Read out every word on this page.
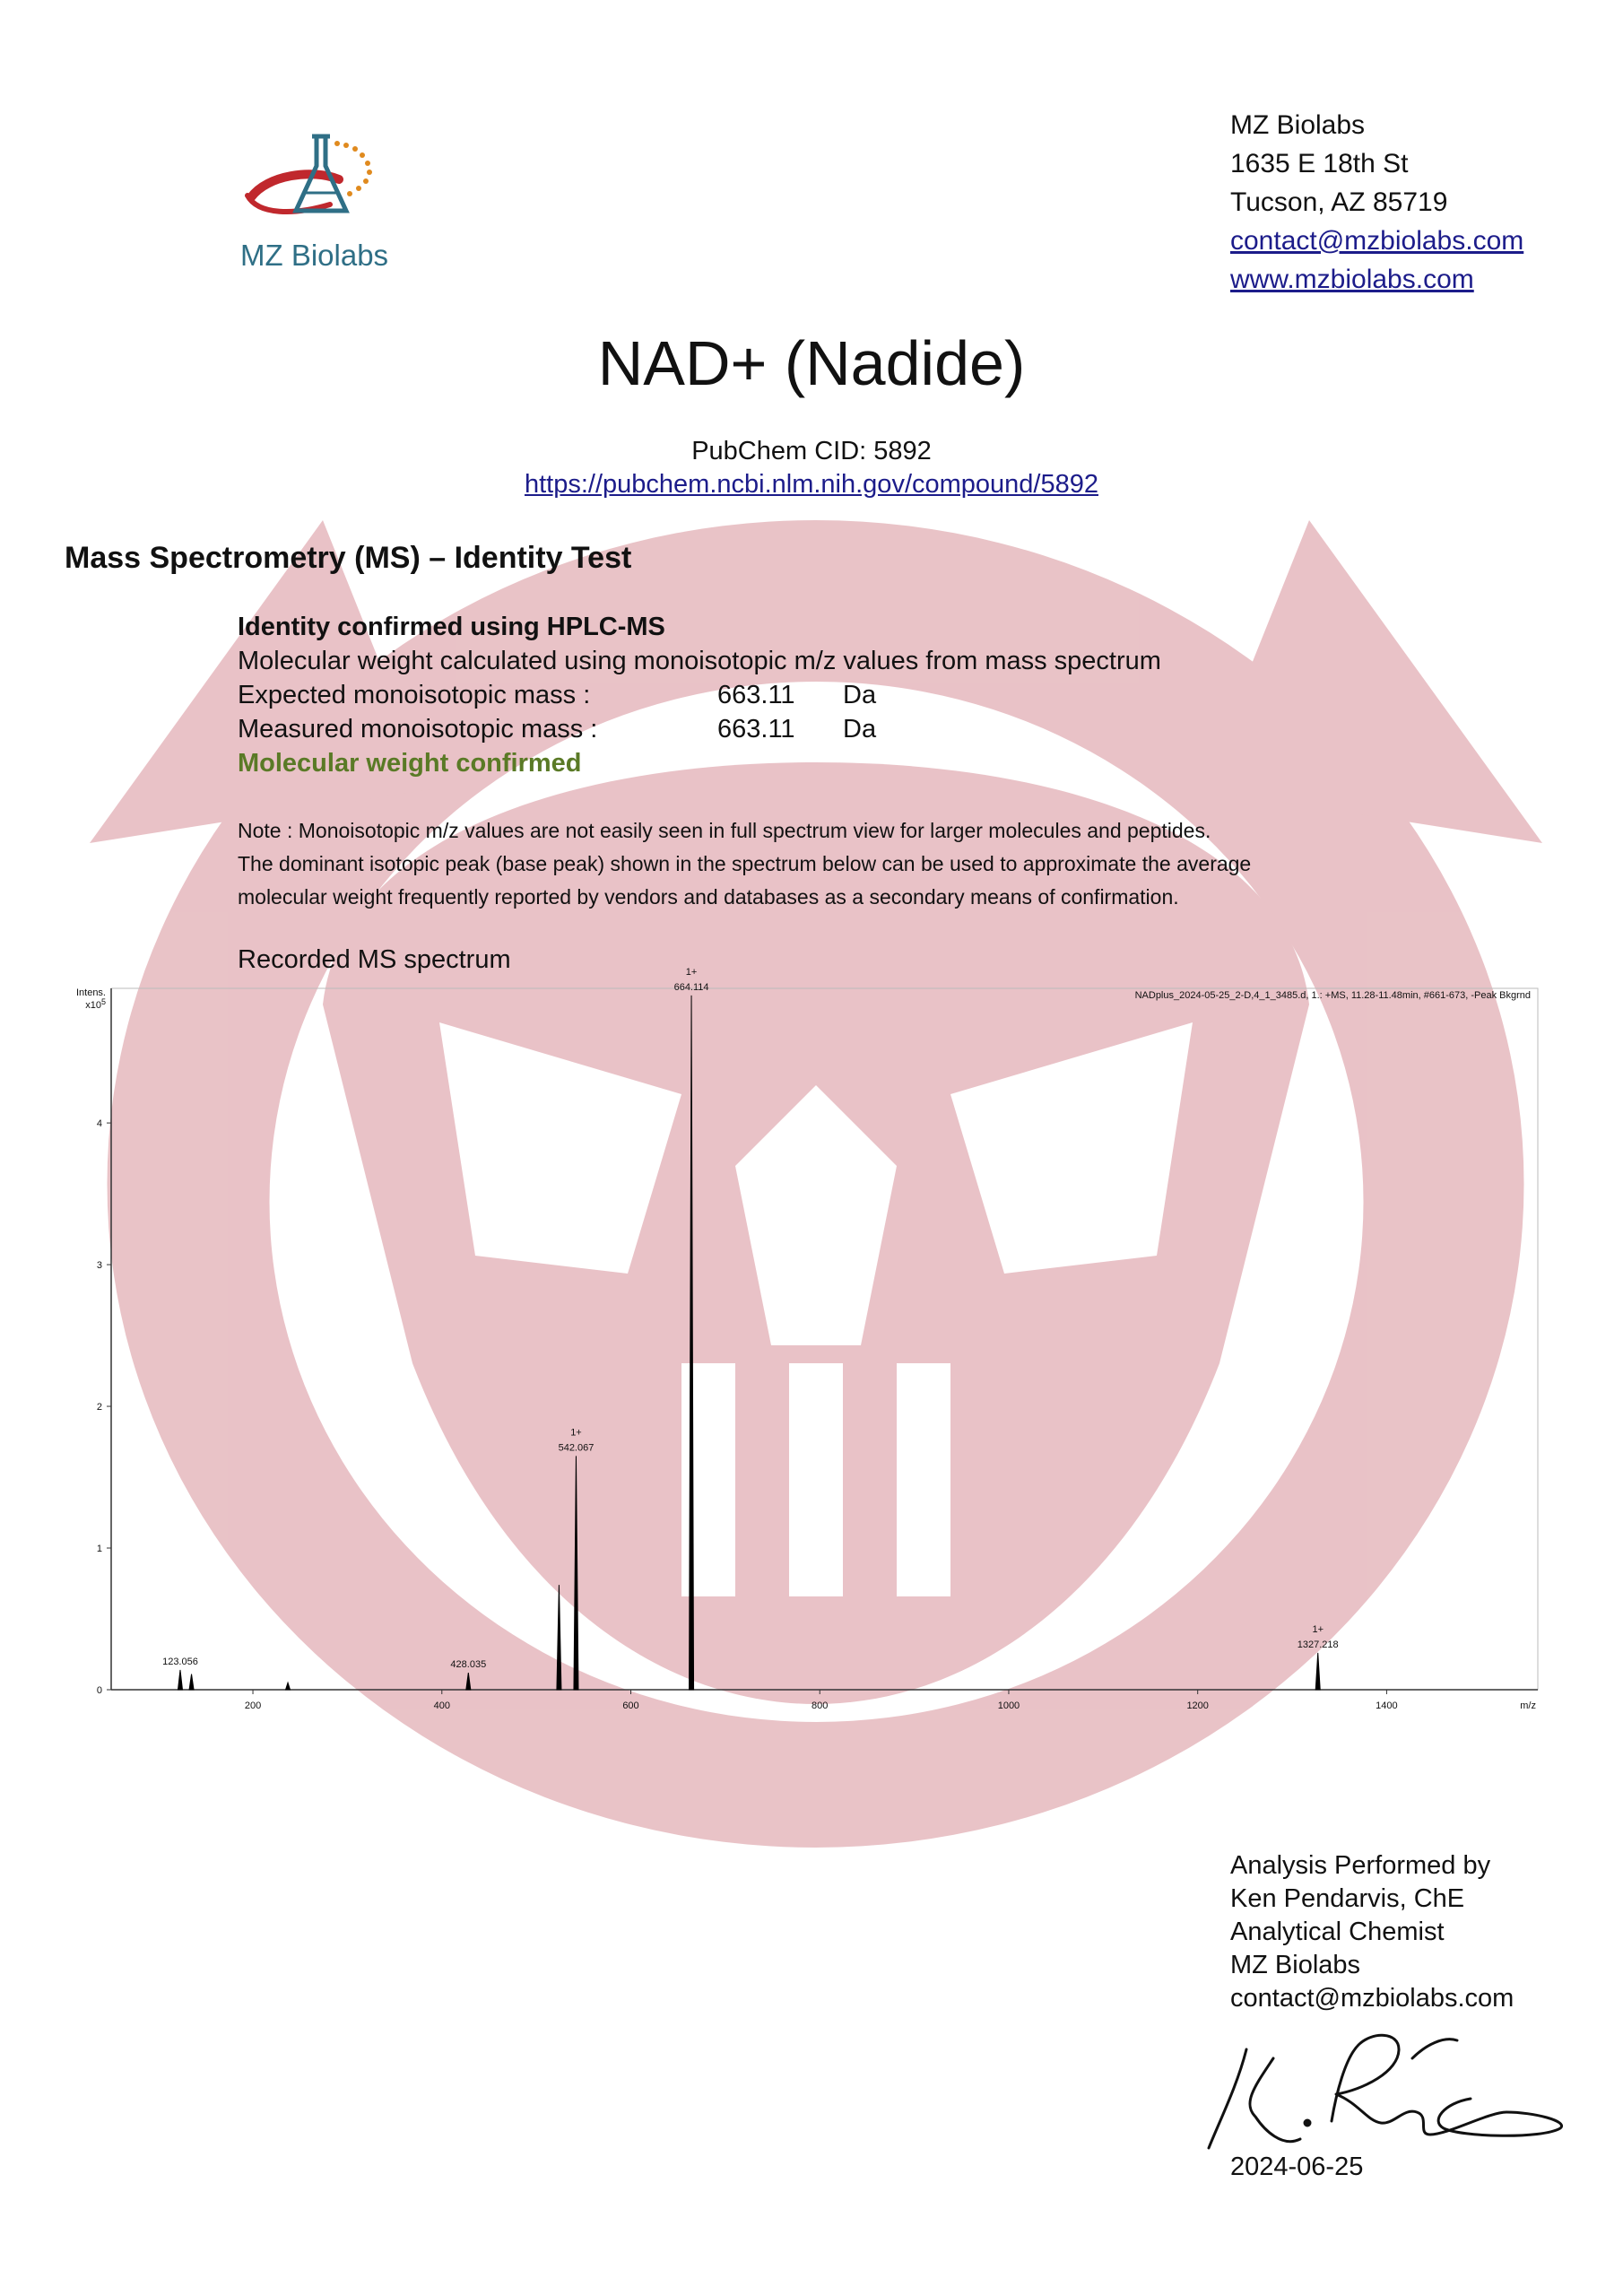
MZ Biolabs
MZ Biolabs
1635 E 18th St
Tucson, AZ 85719
contact@mzbiolabs.com
www.mzbiolabs.com
NAD+ (Nadide)
PubChem CID: 5892
https://pubchem.ncbi.nlm.nih.gov/compound/5892
Mass Spectrometry (MS) – Identity Test
Identity confirmed using HPLC-MS
Molecular weight calculated using monoisotopic m/z values from mass spectrum
Expected monoisotopic mass :	663.11 Da
Measured monoisotopic mass :	663.11 Da
Molecular weight confirmed
Note : Monoisotopic m/z values are not easily seen in full spectrum view for larger molecules and peptides.
The dominant isotopic peak (base peak) shown in the spectrum below can be used to approximate the average
molecular weight frequently reported by vendors and databases as a secondary means of confirmation.
Recorded MS spectrum
Intens.
$x10^5$
m/z
NADplus_2024-05-25_2-D,4_1_3485.d, 1.: +MS, 11.28-11.48min, #661-673, -Peak Bkgrnd
200	400	600	800	1000	1200	1400
0
1
2
3
4
123.056	428.035
542.067
1+
664.114
1+
1327.218
1+
Analysis Performed by
Ken Pendarvis, ChE
Analytical Chemist
MZ Biolabs
contact@mzbiolabs.com
2024-06-25
